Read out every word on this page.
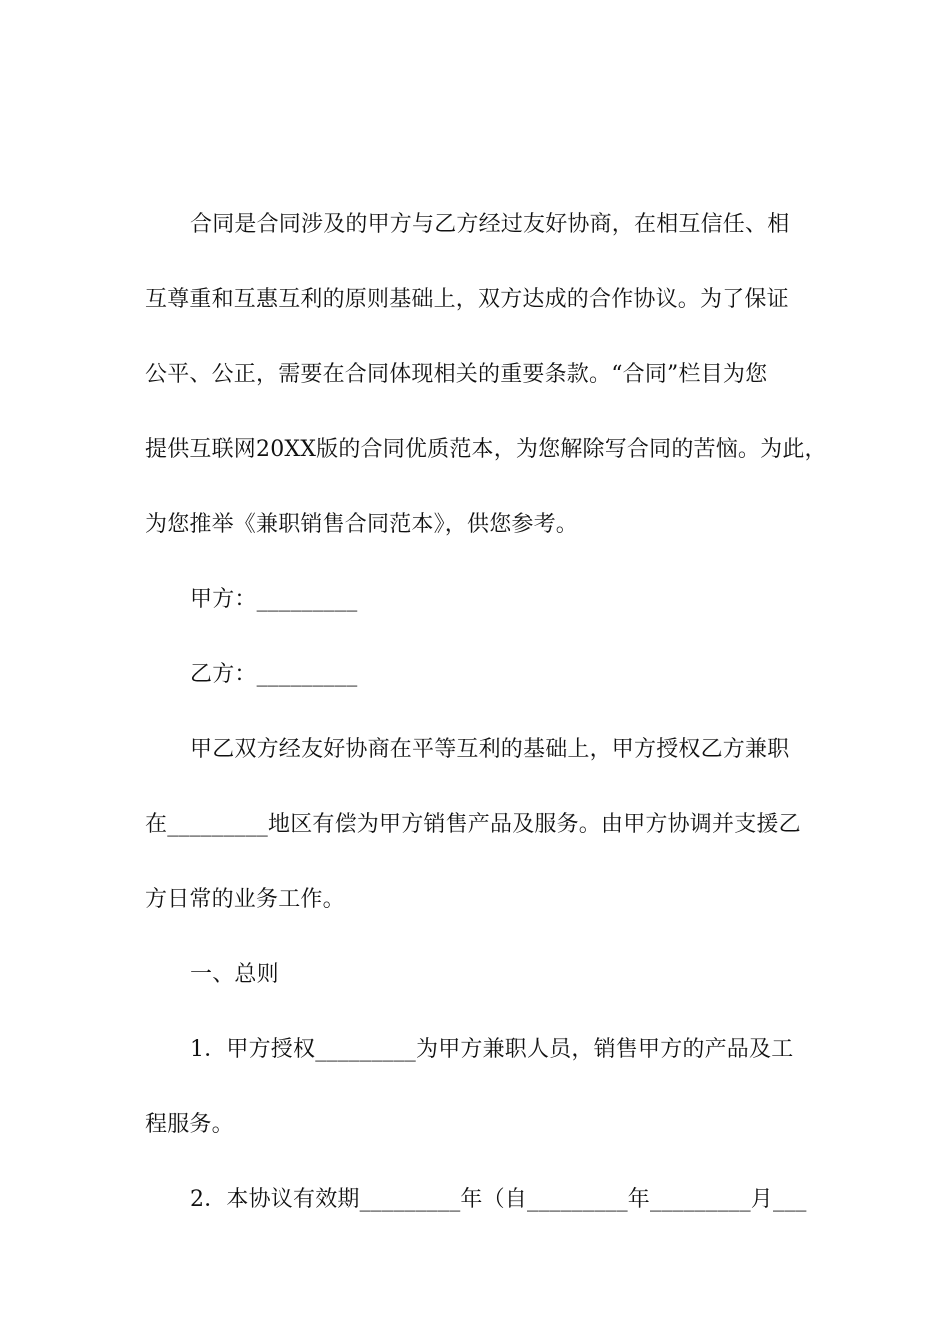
合同是合同涉及的甲方与乙方经过友好协商，在相互信任、相
互尊重和互惠互利的原则基础上，双方达成的合作协议。为了保证
公平、公正，需要在合同体现相关的重要条款。“合同”栏目为您
提供互联网20XX版的合同优质范本，为您解除写合同的苦恼。为此，
为您推举《兼职销售合同范本》，供您参考。
甲方：_________
乙方：_________
甲乙双方经友好协商在平等互利的基础上，甲方授权乙方兼职
在_________地区有偿为甲方销售产品及服务。由甲方协调并支援乙
方日常的业务工作。
一、总则
1．甲方授权_________为甲方兼职人员，销售甲方的产品及工
程服务。
2．本协议有效期_________年（自_________年_________月___
